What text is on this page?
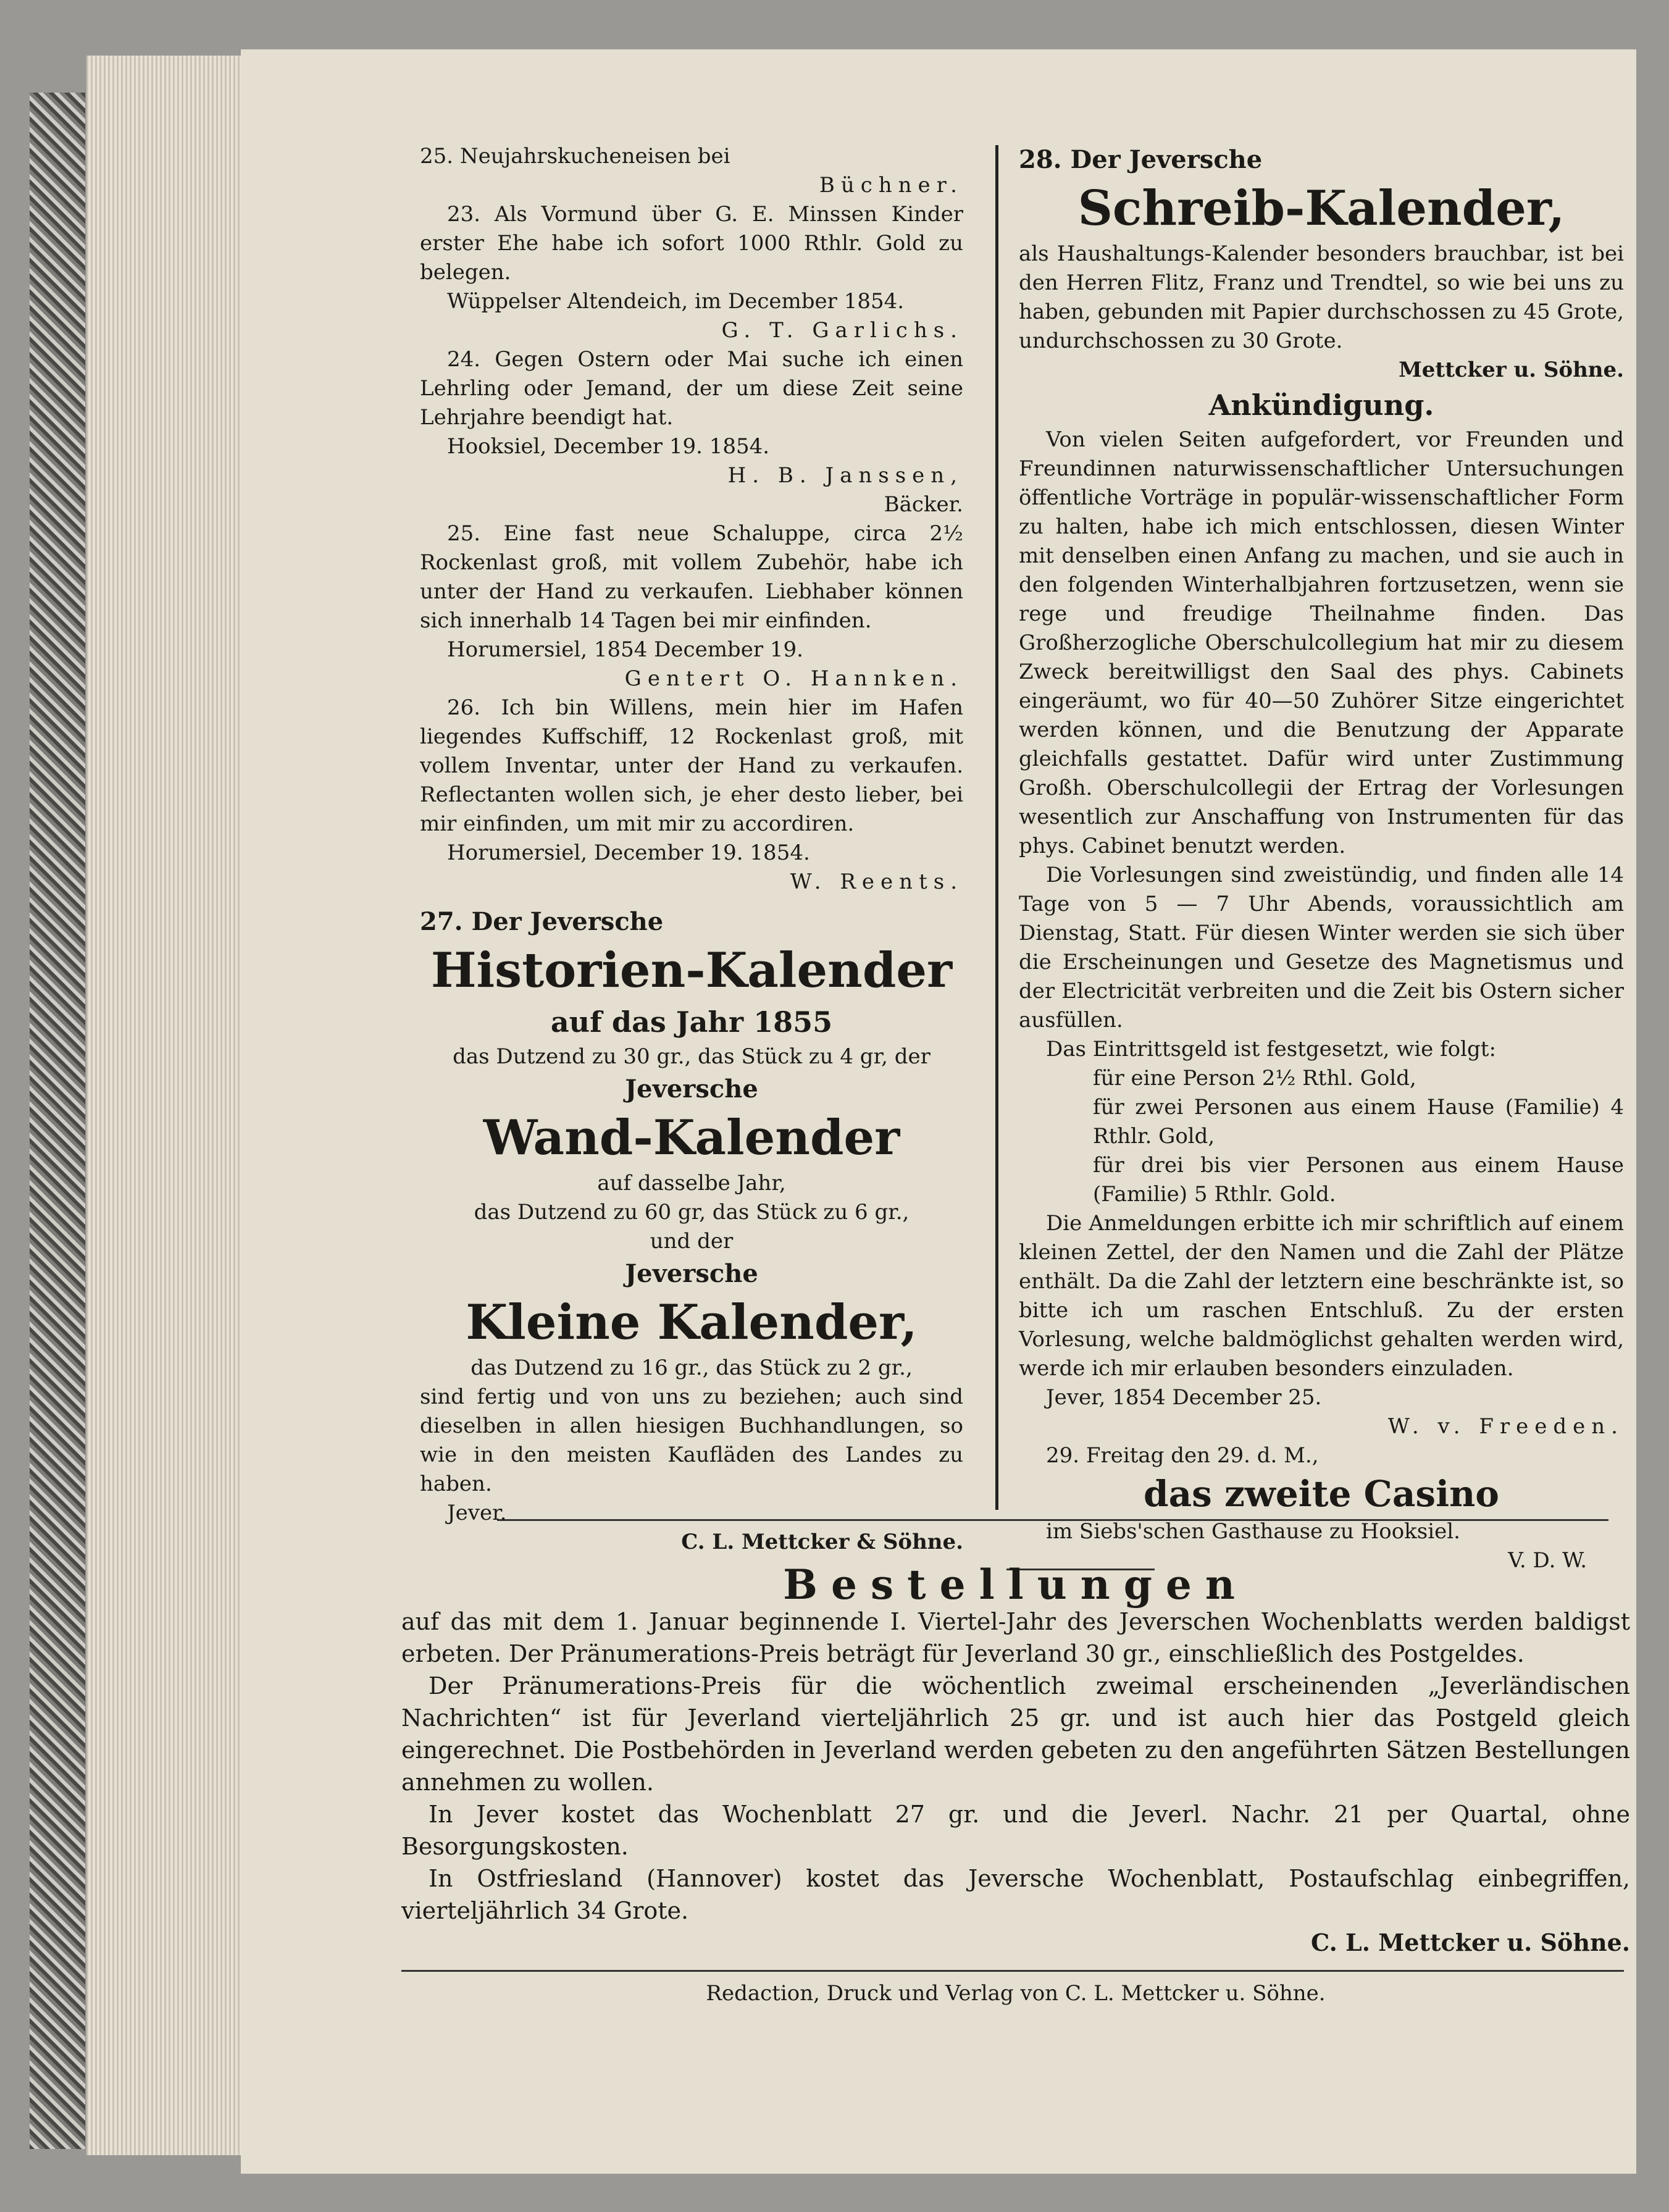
25. Neujahrskucheneisen bei

Büchner.

23. Als Vormund über G. E. Minssen Kinder erster Ehe habe ich sofort 1000 Rthlr. Gold zu belegen.

Wüppelser Altendeich, im December 1854.

G. T. Garlichs.

24. Gegen Ostern oder Mai suche ich einen Lehrling oder Jemand, der um diese Zeit seine Lehrjahre beendigt hat.

Hooksiel, December 19. 1854.

H. B. Janssen,

Bäcker.

25. Eine fast neue Schaluppe, circa 2½ Rockenlast groß, mit vollem Zubehör, habe ich unter der Hand zu verkaufen. Liebhaber können sich innerhalb 14 Tagen bei mir einfinden.

Horumersiel, 1854 December 19.

Gentert O. Hannken.

26. Ich bin Willens, mein hier im Hafen liegendes Kuffschiff, 12 Rockenlast groß, mit vollem Inventar, unter der Hand zu verkaufen. Reflectanten wollen sich, je eher desto lieber, bei mir einfinden, um mit mir zu accordiren.

Horumersiel, December 19. 1854.

W. Reents.

27. Der Jeversche

Historien-Kalender

auf das Jahr 1855

das Dutzend zu 30 gr., das Stück zu 4 gr, der

Jeversche

Wand-Kalender

auf dasselbe Jahr,

das Dutzend zu 60 gr, das Stück zu 6 gr.,

und der

Jeversche

Kleine Kalender,

das Dutzend zu 16 gr., das Stück zu 2 gr.,

sind fertig und von uns zu beziehen; auch sind dieselben in allen hiesigen Buchhandlungen, so wie in den meisten Kaufläden des Landes zu haben.

Jever.

C. L. Mettcker & Söhne.

28. Der Jeversche

Schreib-Kalender,

als Haushaltungs-Kalender besonders brauchbar, ist bei den Herren Flitz, Franz und Trendtel, so wie bei uns zu haben, gebunden mit Papier durchschossen zu 45 Grote, undurchschossen zu 30 Grote.

Mettcker u. Söhne.

Ankündigung.

Von vielen Seiten aufgefordert, vor Freunden und Freundinnen naturwissenschaftlicher Untersuchungen öffentliche Vorträge in populär-wissenschaftlicher Form zu halten, habe ich mich entschlossen, diesen Winter mit denselben einen Anfang zu machen, und sie auch in den folgenden Winterhalbjahren fortzusetzen, wenn sie rege und freudige Theilnahme finden. Das Großherzogliche Oberschulcollegium hat mir zu diesem Zweck bereitwilligst den Saal des phys. Cabinets eingeräumt, wo für 40—50 Zuhörer Sitze eingerichtet werden können, und die Benutzung der Apparate gleichfalls gestattet. Dafür wird unter Zustimmung Großh. Oberschulcollegii der Ertrag der Vorlesungen wesentlich zur Anschaffung von Instrumenten für das phys. Cabinet benutzt werden.

Die Vorlesungen sind zweistündig, und finden alle 14 Tage von 5 — 7 Uhr Abends, voraussichtlich am Dienstag, Statt. Für diesen Winter werden sie sich über die Erscheinungen und Gesetze des Magnetismus und der Electricität verbreiten und die Zeit bis Ostern sicher ausfüllen.

Das Eintrittsgeld ist festgesetzt, wie folgt:

für eine Person 2½ Rthl. Gold,

für zwei Personen aus einem Hause (Familie) 4 Rthlr. Gold,

für drei bis vier Personen aus einem Hause (Familie) 5 Rthlr. Gold.

Die Anmeldungen erbitte ich mir schriftlich auf einem kleinen Zettel, der den Namen und die Zahl der Plätze enthält. Da die Zahl der letztern eine beschränkte ist, so bitte ich um raschen Entschluß. Zu der ersten Vorlesung, welche baldmöglichst gehalten werden wird, werde ich mir erlauben besonders einzuladen.

Jever, 1854 December 25.

W. v. Freeden.

29. Freitag den 29. d. M.,

das zweite Casino

im Siebs'schen Gasthause zu Hooksiel.

V. D. W.

Bestellungen

auf das mit dem 1. Januar beginnende I. Viertel-Jahr des Jeverschen Wochenblatts werden baldigst erbeten. Der Pränumerations-Preis beträgt für Jeverland 30 gr., einschließlich des Postgeldes.

Der Pränumerations-Preis für die wöchentlich zweimal erscheinenden „Jeverländischen Nachrichten“ ist für Jeverland vierteljährlich 25 gr. und ist auch hier das Postgeld gleich eingerechnet. Die Postbehörden in Jeverland werden gebeten zu den angeführten Sätzen Bestellungen annehmen zu wollen.

In Jever kostet das Wochenblatt 27 gr. und die Jeverl. Nachr. 21 per Quartal, ohne Besorgungskosten.

In Ostfriesland (Hannover) kostet das Jeversche Wochenblatt, Postaufschlag einbegriffen, vierteljährlich 34 Grote.

C. L. Mettcker u. Söhne.

Redaction, Druck und Verlag von C. L. Mettcker u. Söhne.
